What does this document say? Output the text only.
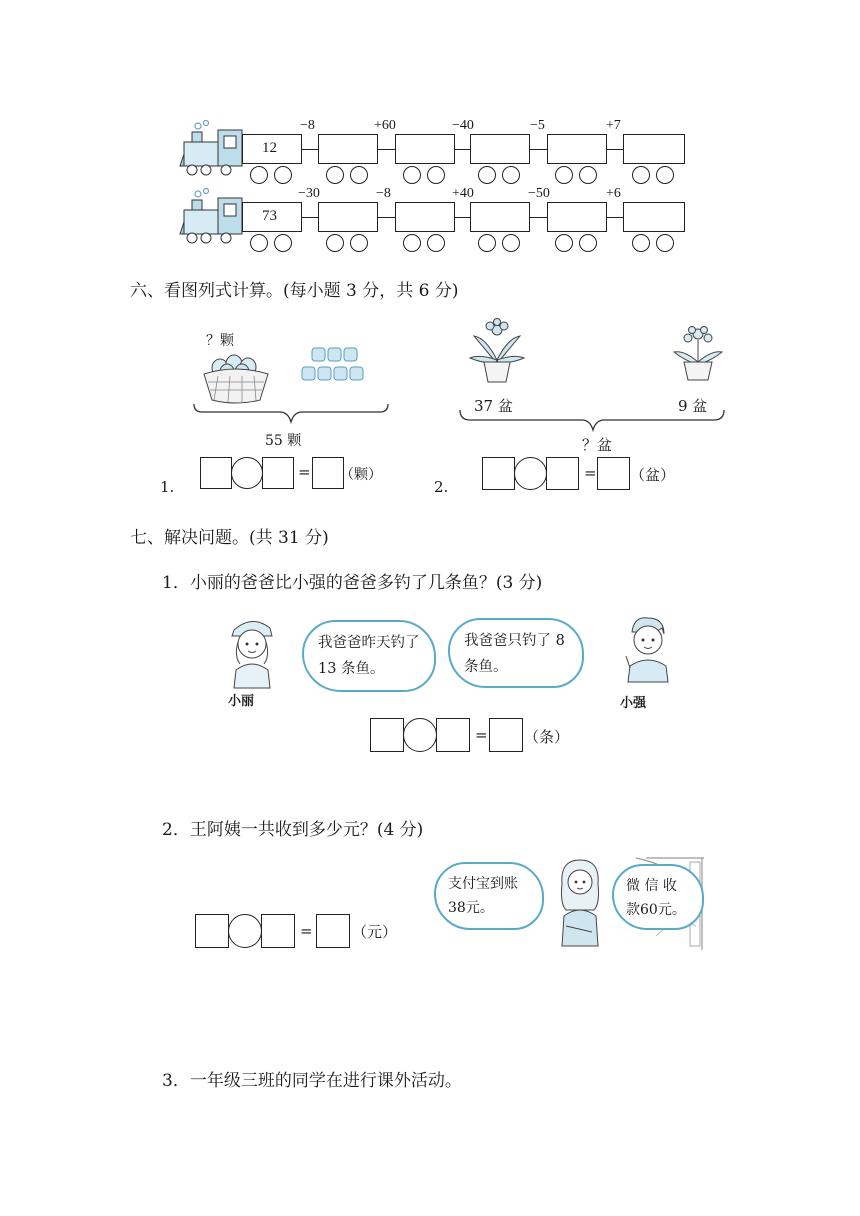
12
−8	+60	−40	−5	+7
73
−30	−8	+40	−50	+6
六、看图列式计算。(每小题 3 分，共 6 分)
？颗
55 颗
1.
= （颗）
37 盆	9 盆
？盆
2.
= （盆）
七、解决问题。(共 31 分)
1．小丽的爸爸比小强的爸爸多钓了几条鱼？(3 分)
小丽
我爸爸昨天钓了 13 条鱼。
我爸爸只钓了 8 条鱼。
小强
= （条）
2．王阿姨一共收到多少元？(4 分)
=	（元）
支付宝到账38元。
微 信 收款60元。
3．一年级三班的同学在进行课外活动。
